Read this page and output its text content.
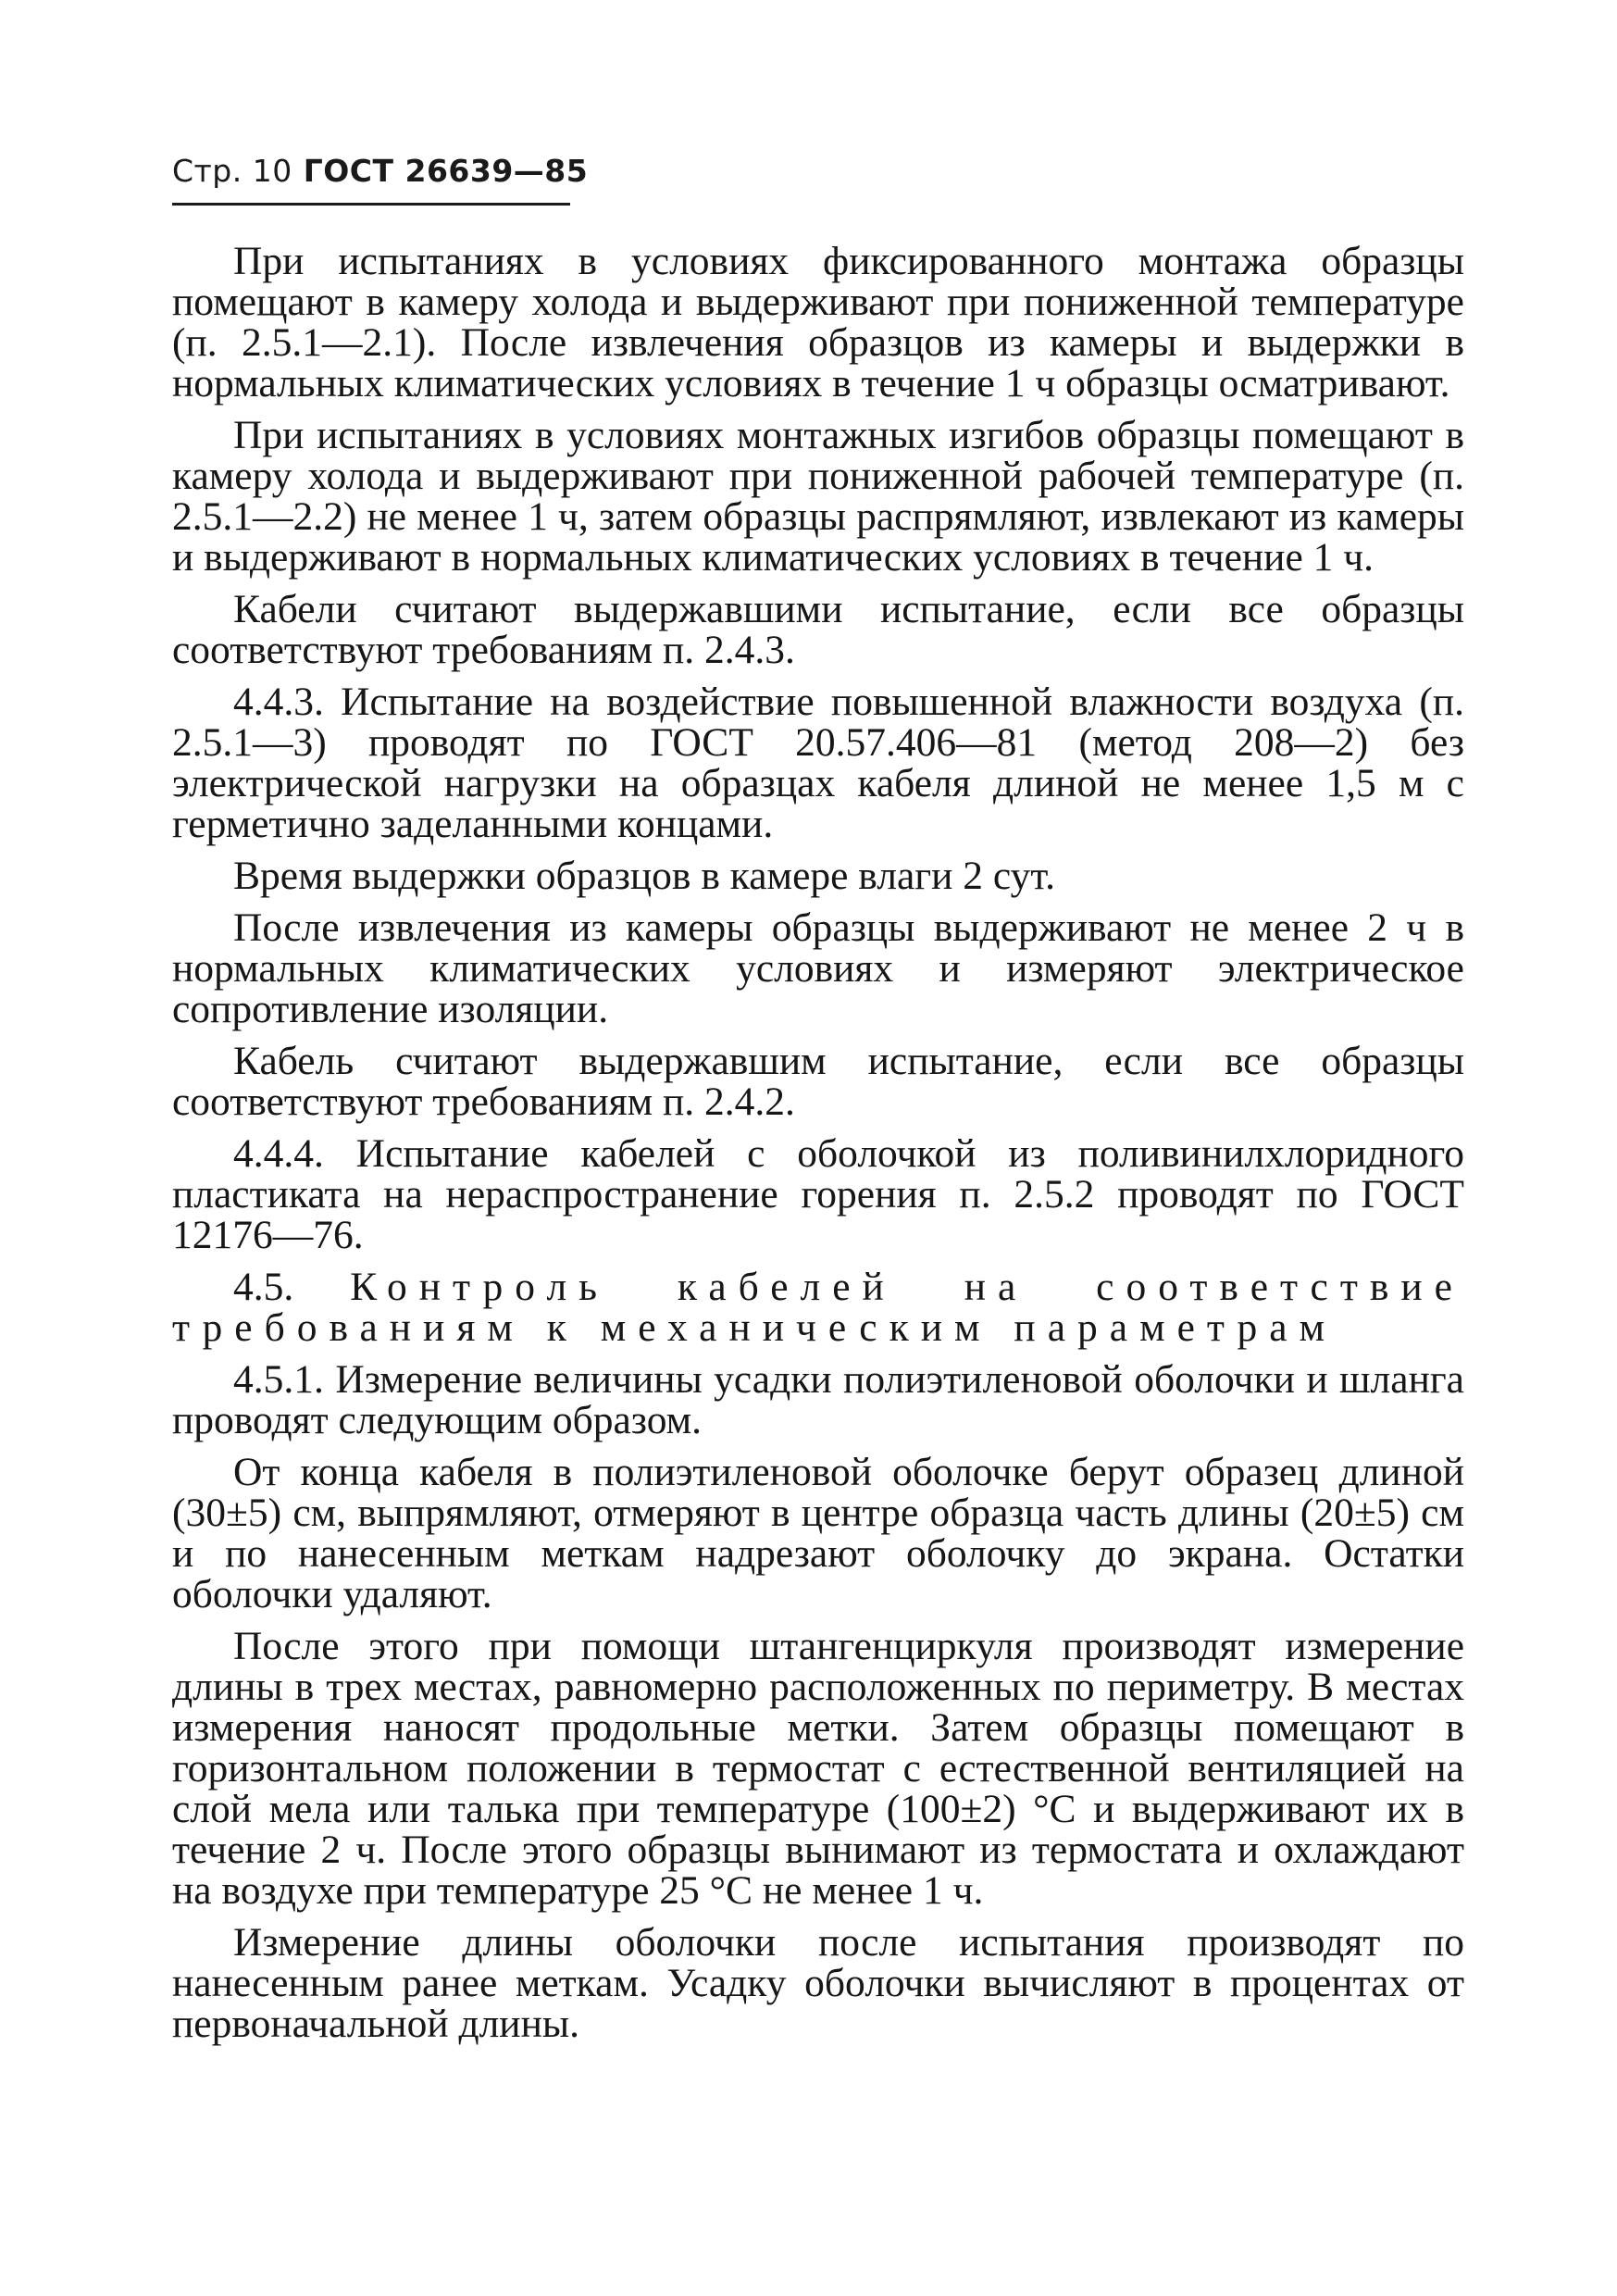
Стр. 10 ГОСТ 26639—85

При испытаниях в условиях фиксированного монтажа образцы помещают в камеру холода и выдерживают при пониженной температуре (п. 2.5.1—2.1). После извлечения образцов из камеры и выдержки в нормальных климатических условиях в течение 1 ч образцы осматривают.

При испытаниях в условиях монтажных изгибов образцы помещают в камеру холода и выдерживают при пониженной рабочей температуре (п. 2.5.1—2.2) не менее 1 ч, затем образцы распрямляют, извлекают из камеры и выдерживают в нормальных климатических условиях в течение 1 ч.

Кабели считают выдержавшими испытание, если все образцы соответствуют требованиям п. 2.4.3.

4.4.3. Испытание на воздействие повышенной влажности воздуха (п. 2.5.1—3) проводят по ГОСТ 20.57.406—81 (метод 208—2) без электрической нагрузки на образцах кабеля длиной не менее 1,5 м с герметично заделанными концами.

Время выдержки образцов в камере влаги 2 сут.

После извлечения из камеры образцы выдерживают не менее 2 ч в нормальных климатических условиях и измеряют электрическое сопротивление изоляции.

Кабель считают выдержавшим испытание, если все образцы соответствуют требованиям п. 2.4.2.

4.4.4. Испытание кабелей с оболочкой из поливинилхлоридного пластиката на нераспространение горения п. 2.5.2 проводят по ГОСТ 12176—76.

4.5. Контроль кабелей на соответствие требованиям к механическим параметрам

4.5.1. Измерение величины усадки полиэтиленовой оболочки и шланга проводят следующим образом.

От конца кабеля в полиэтиленовой оболочке берут образец длиной (30±5) см, выпрямляют, отмеряют в центре образца часть длины (20±5) см и по нанесенным меткам надрезают оболочку до экрана. Остатки оболочки удаляют.

После этого при помощи штангенциркуля производят измерение длины в трех местах, равномерно расположенных по периметру. В местах измерения наносят продольные метки. Затем образцы помещают в горизонтальном положении в термостат с естественной вентиляцией на слой мела или талька при температуре (100±2) °С и выдерживают их в течение 2 ч. После этого образцы вынимают из термостата и охлаждают на воздухе при температуре 25 °С не менее 1 ч.

Измерение длины оболочки после испытания производят по нанесенным ранее меткам. Усадку оболочки вычисляют в процентах от первоначальной длины.
